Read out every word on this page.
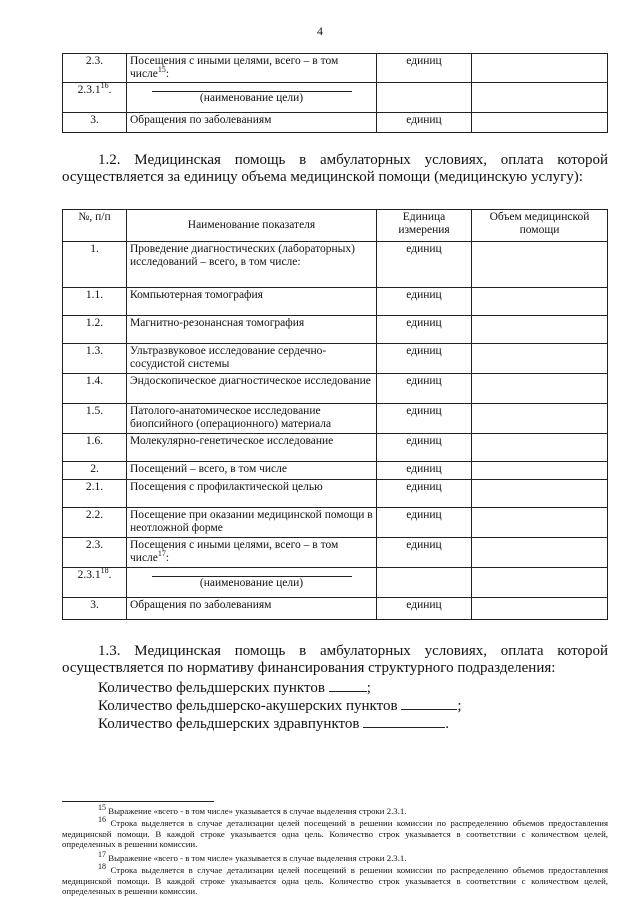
4
2.3.	Посещения с иными целями, всего – в том числе$^{15}$:	единиц	
2.3.1$^{16}$.	(наименование цели)		

3.	Обращения по заболеваниям	единиц	
1.2. Медицинская помощь в амбулаторных условиях, оплата которой осуществляется за единицу объема медицинской помощи (медицинскую услугу):
№, п/п	Наименование показателя	Единица измерения	Объем медицинской помощи
1.	Проведение диагностических (лабораторных) исследований – всего, в том числе:	единиц	
1.1.	Компьютерная томография	единиц	
1.2.	Магнитно-резонансная томография	единиц	
1.3.	Ультразвуковое исследование сердечно-сосудистой системы	единиц	
1.4.	Эндоскопическое диагностическое исследование	единиц	
1.5.	Патолого-анатомическое исследование биопсийного (операционного) материала	единиц	
1.6.	Молекулярно-генетическое исследование	единиц	
2.	Посещений – всего, в том числе	единиц	
2.1.	Посещения с профилактической целью	единиц	
2.2.	Посещение при оказании медицинской помощи в неотложной форме	единиц	
2.3.	Посещения с иными целями, всего – в том числе$^{17}$:	единиц	
2.3.1$^{18}$.	(наименование цели)		

3.	Обращения по заболеваниям	единиц	
1.3. Медицинская помощь в амбулаторных условиях, оплата которой осуществляется по нормативу финансирования структурного подразделения:
Количество фельдшерских пунктов	;
Количество фельдшерско-акушерских пунктов	;
Количество фельдшерских здравпунктов	.
$^{15}$ Выражение «всего - в том числе» указывается в случае выделения строки 2.3.1.
$^{16}$ Строка выделяется в случае детализации целей посещений в решении комиссии по распределению объемов предоставления медицинской помощи. В каждой строке указывается одна цель. Количество строк указывается в соответствии с количеством целей, определенных в решении комиссии.
$^{17}$ Выражение «всего - в том числе» указывается в случае выделения строки 2.3.1.
$^{18}$ Строка выделяется в случае детализации целей посещений в решении комиссии по распределению объемов предоставления медицинской помощи. В каждой строке указывается одна цель. Количество строк указывается в соответствии с количеством целей, определенных в решении комиссии.
